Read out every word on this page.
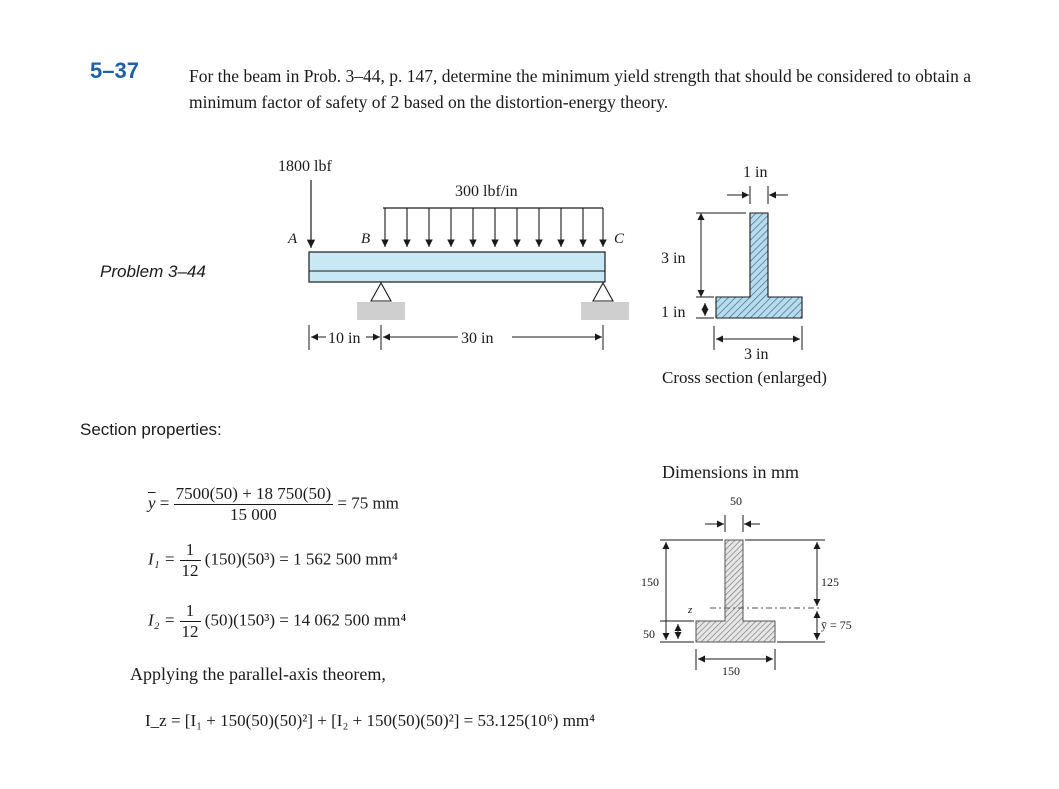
5–37	For the beam in Prob. 3–44, p. 147, determine the minimum yield strength that should be considered to obtain a minimum factor of safety of 2 based on the distortion-energy theory.
Problem 3–44
1800 lbf
300 lbf/in
A	B	C
10 in	30 in
1 in
3 in
1 in
3 in
Cross section (enlarged)
Section properties:
$\overline{y} = \frac{7500(50) + 18 750(50)}{15 000} = 75$ mm
$I_1 = \frac{1}{12} (150)(50^3) = 1$ 562 500 mm⁴
$I_2 = \frac{1}{12} (50)(150^3) = 14$ 062 500 mm⁴
Applying the parallel-axis theorem,
I_z = [I₁ + 150(50)(50)²] + [I₂ + 150(50)(50)²] = 53.125(10⁶) mm⁴
Dimensions in mm
50
z
150
50
125
ȳ = 75
150
